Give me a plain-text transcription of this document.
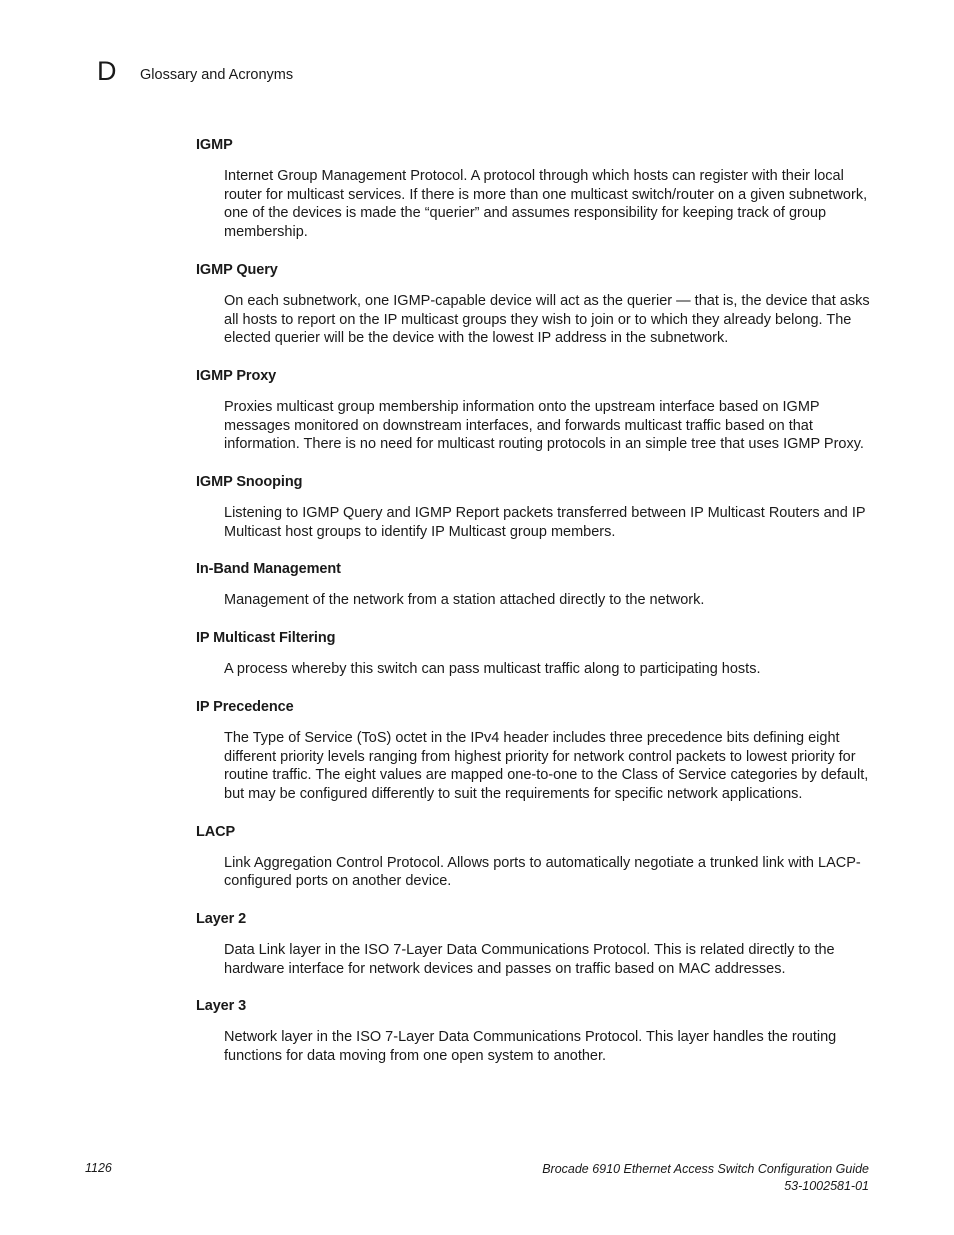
D Glossary and Acronyms

IGMP

Internet Group Management Protocol. A protocol through which hosts can register with their local router for multicast services. If there is more than one multicast switch/router on a given subnetwork, one of the devices is made the “querier” and assumes responsibility for keeping track of group membership.

IGMP Query

On each subnetwork, one IGMP-capable device will act as the querier — that is, the device that asks all hosts to report on the IP multicast groups they wish to join or to which they already belong. The elected querier will be the device with the lowest IP address in the subnetwork.

IGMP Proxy

Proxies multicast group membership information onto the upstream interface based on IGMP messages monitored on downstream interfaces, and forwards multicast traffic based on that information. There is no need for multicast routing protocols in an simple tree that uses IGMP Proxy.

IGMP Snooping

Listening to IGMP Query and IGMP Report packets transferred between IP Multicast Routers and IP Multicast host groups to identify IP Multicast group members.

In-Band Management

Management of the network from a station attached directly to the network.

IP Multicast Filtering

A process whereby this switch can pass multicast traffic along to participating hosts.

IP Precedence

The Type of Service (ToS) octet in the IPv4 header includes three precedence bits defining eight different priority levels ranging from highest priority for network control packets to lowest priority for routine traffic. The eight values are mapped one-to-one to the Class of Service categories by default, but may be configured differently to suit the requirements for specific network applications.

LACP

Link Aggregation Control Protocol. Allows ports to automatically negotiate a trunked link with LACP-configured ports on another device.

Layer 2

Data Link layer in the ISO 7-Layer Data Communications Protocol. This is related directly to the hardware interface for network devices and passes on traffic based on MAC addresses.

Layer 3

Network layer in the ISO 7-Layer Data Communications Protocol. This layer handles the routing functions for data moving from one open system to another.

1126	Brocade 6910 Ethernet Access Switch Configuration Guide
53-1002581-01
